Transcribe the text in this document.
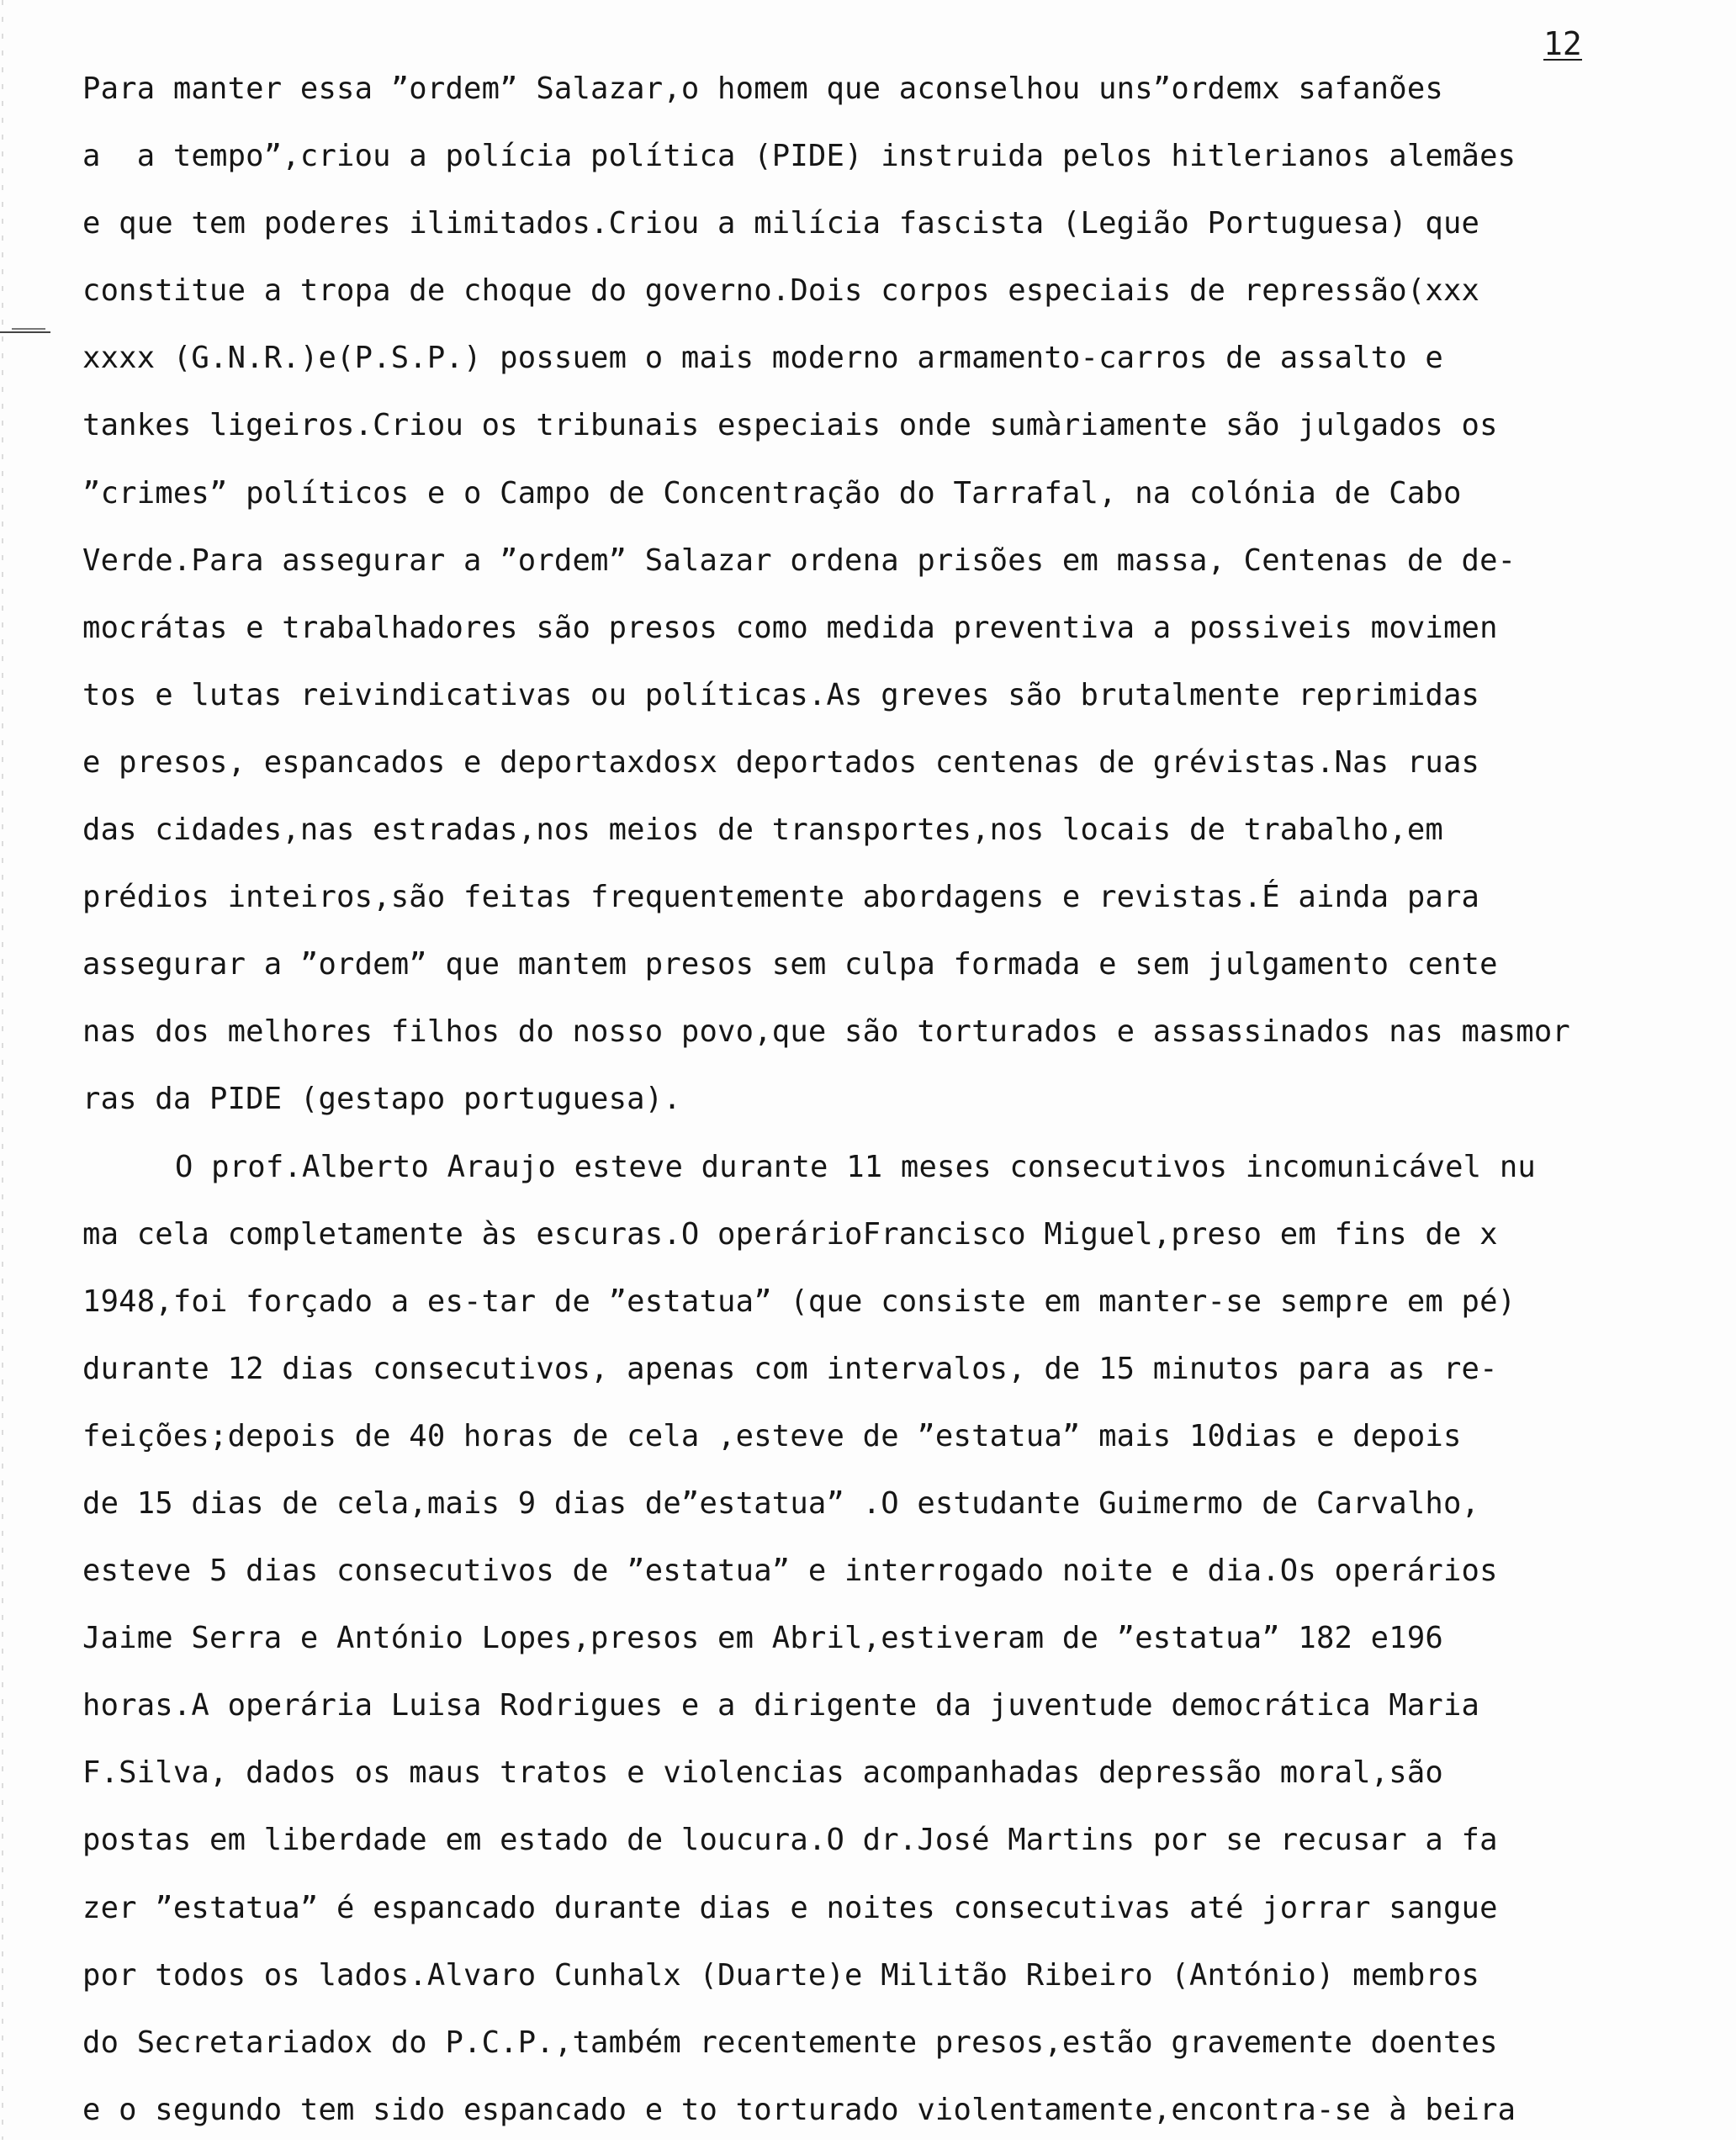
12
Para manter essa ”ordem” Salazar,o homem que aconselhou uns”ordemx safanões
a  a tempo”,criou a polícia política (PIDE) instruida pelos hitlerianos alemães
e que tem poderes ilimitados.Criou a milícia fascista (Legião Portuguesa) que
constitue a tropa de choque do governo.Dois corpos especiais de repressão(xxx
xxxx (G.N.R.)e(P.S.P.) possuem o mais moderno armamento-carros de assalto e
tankes ligeiros.Criou os tribunais especiais onde sumàriamente são julgados os
”crimes” políticos e o Campo de Concentração do Tarrafal, na colónia de Cabo
Verde.Para assegurar a ”ordem” Salazar ordena prisões em massa, Centenas de de-
mocrátas e trabalhadores são presos como medida preventiva a possiveis movimen
tos e lutas reivindicativas ou políticas.As greves são brutalmente reprimidas
e presos, espancados e deportaxdosx deportados centenas de grévistas.Nas ruas
das cidades,nas estradas,nos meios de transportes,nos locais de trabalho,em
prédios inteiros,são feitas frequentemente abordagens e revistas.É ainda para
assegurar a ”ordem” que mantem presos sem culpa formada e sem julgamento cente
nas dos melhores filhos do nosso povo,que são torturados e assassinados nas masmor
ras da PIDE (gestapo portuguesa).
O prof.Alberto Araujo esteve durante 11 meses consecutivos incomunicável nu
ma cela completamente às escuras.O operárioFrancisco Miguel,preso em fins de x
1948,foi forçado a es-tar de ”estatua” (que consiste em manter-se sempre em pé)
durante 12 dias consecutivos, apenas com intervalos, de 15 minutos para as re-
feições;depois de 40 horas de cela ,esteve de ”estatua” mais 10dias e depois
de 15 dias de cela,mais 9 dias de”estatua” .O estudante Guimermo de Carvalho,
esteve 5 dias consecutivos de ”estatua” e interrogado noite e dia.Os operários
Jaime Serra e António Lopes,presos em Abril,estiveram de ”estatua” 182 e196
horas.A operária Luisa Rodrigues e a dirigente da juventude democrática Maria
F.Silva, dados os maus tratos e violencias acompanhadas depressão moral,são
postas em liberdade em estado de loucura.O dr.José Martins por se recusar a fa
zer ”estatua” é espancado durante dias e noites consecutivas até jorrar sangue
por todos os lados.Alvaro Cunhalx (Duarte)e Militão Ribeiro (António) membros
do Secretariadox do P.C.P.,também recentemente presos,estão gravemente doentes
e o segundo tem sido espancado e to torturado violentamente,encontra-se à beira
